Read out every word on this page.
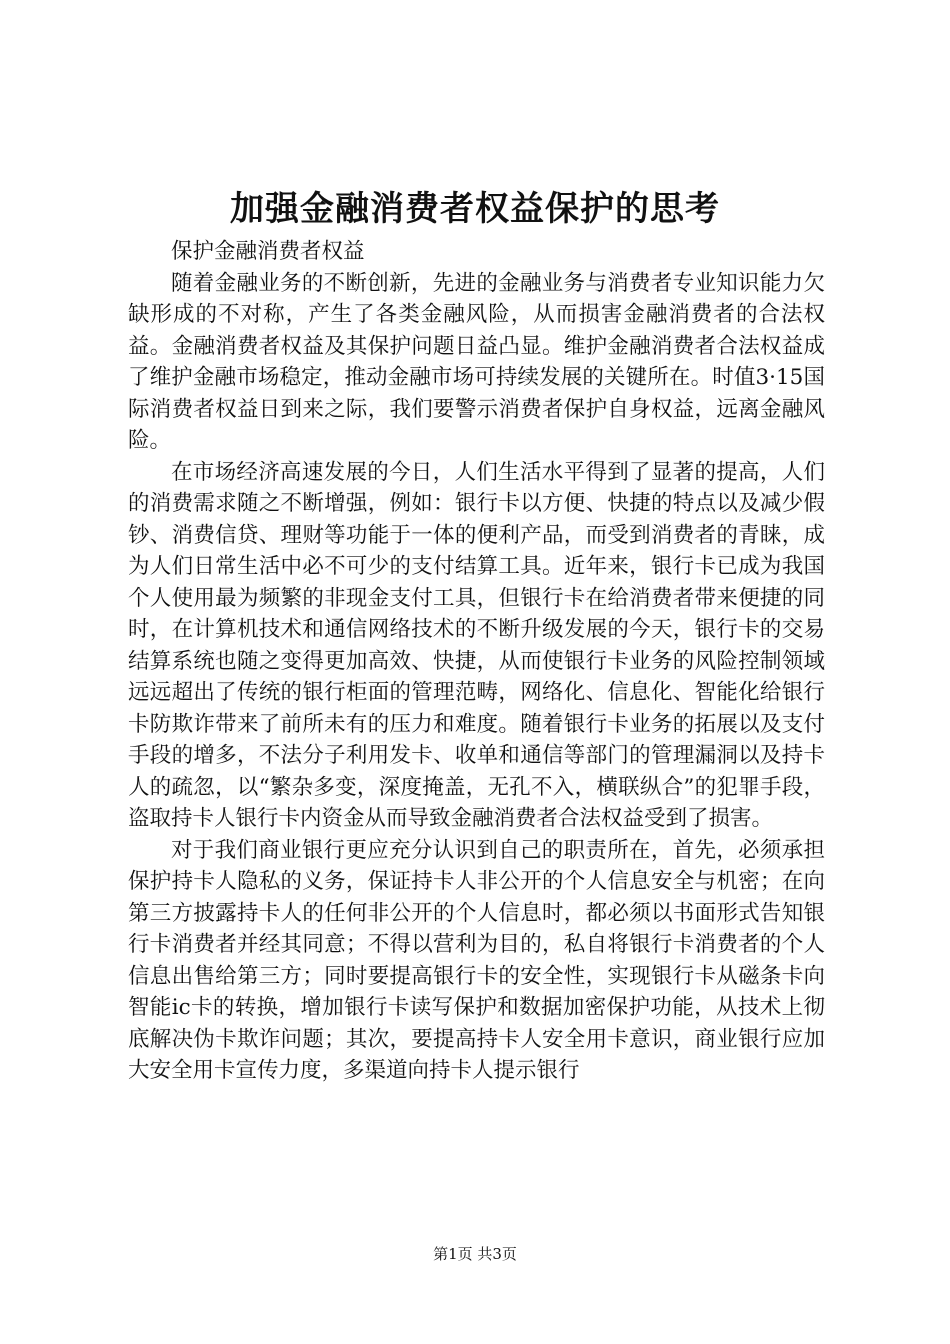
加强金融消费者权益保护的思考

保护金融消费者权益

随着金融业务的不断创新，先进的金融业务与消费者专业知识能力欠缺形成的不对称，产生了各类金融风险，从而损害金融消费者的合法权益。金融消费者权益及其保护问题日益凸显。维护金融消费者合法权益成了维护金融市场稳定，推动金融市场可持续发展的关键所在。时值3·15国际消费者权益日到来之际，我们要警示消费者保护自身权益，远离金融风险。

在市场经济高速发展的今日，人们生活水平得到了显著的提高，人们的消费需求随之不断增强，例如：银行卡以方便、快捷的特点以及减少假钞、消费信贷、理财等功能于一体的便利产品，而受到消费者的青睐，成为人们日常生活中必不可少的支付结算工具。近年来，银行卡已成为我国个人使用最为频繁的非现金支付工具，但银行卡在给消费者带来便捷的同时，在计算机技术和通信网络技术的不断升级发展的今天，银行卡的交易结算系统也随之变得更加高效、快捷，从而使银行卡业务的风险控制领域远远超出了传统的银行柜面的管理范畴，网络化、信息化、智能化给银行卡防欺诈带来了前所未有的压力和难度。随着银行卡业务的拓展以及支付手段的增多，不法分子利用发卡、收单和通信等部门的管理漏洞以及持卡人的疏忽，以“繁杂多变，深度掩盖，无孔不入，横联纵合”的犯罪手段，盗取持卡人银行卡内资金从而导致金融消费者合法权益受到了损害。

对于我们商业银行更应充分认识到自己的职责所在，首先，必须承担保护持卡人隐私的义务，保证持卡人非公开的个人信息安全与机密；在向第三方披露持卡人的任何非公开的个人信息时，都必须以书面形式告知银行卡消费者并经其同意；不得以营利为目的，私自将银行卡消费者的个人信息出售给第三方；同时要提高银行卡的安全性，实现银行卡从磁条卡向智能ic卡的转换，增加银行卡读写保护和数据加密保护功能，从技术上彻底解决伪卡欺诈问题；其次，要提高持卡人安全用卡意识，商业银行应加大安全用卡宣传力度，多渠道向持卡人提示银行

第1页 共3页
